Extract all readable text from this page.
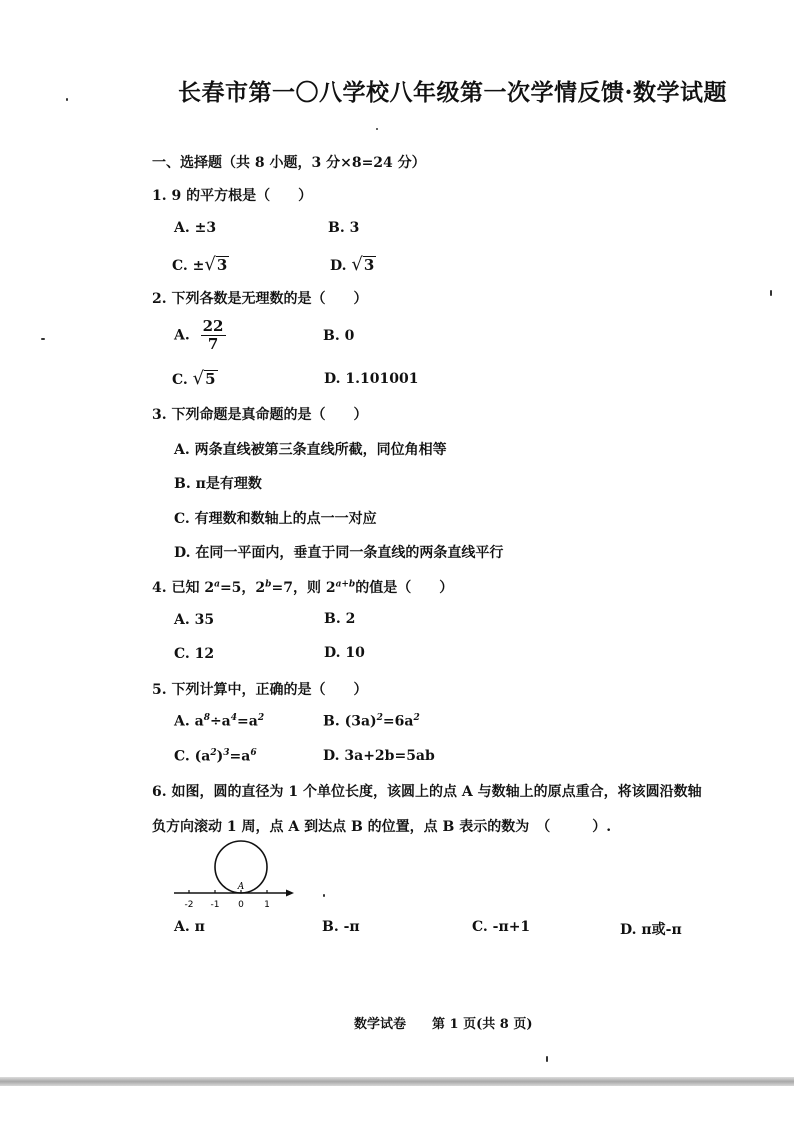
长春市第一〇八学校八年级第一次学情反馈·数学试题
一、选择题（共 8 小题，3 分×8=24 分）
1. 9 的平方根是（　　）
A. ±3	B. 3
C. ±√3	D. √3
2. 下列各数是无理数的是（　　）
A. $\frac{22}{7}$	B. 0
C. √5	D. 1.101001
3. 下列命题是真命题的是（　　）
A. 两条直线被第三条直线所截，同位角相等
B. π是有理数
C. 有理数和数轴上的点一一对应
D. 在同一平面内，垂直于同一条直线的两条直线平行
4. 已知 $2^a=5$，$2^b=7$，则 $2^{a+b}$的值是（　　）
A. 35	B. 2
C. 12	D. 10
5. 下列计算中，正确的是（　　）
A. $a^8\div a^4=a^2$	B. $(3a)^2=6a^2$
C. $(a^2)^3=a^6$	D. 3a+2b=5ab
6. 如图，圆的直径为 1 个单位长度，该圆上的点 A 与数轴上的原点重合，将该圆沿数轴
负方向滚动 1 周，点 A 到达点 B 的位置，点 B 表示的数为　（　　　）.
A
-2 -1 0 1
A. π	B. -π	C. -π+1	D. π或-π
数学试卷　　第 1 页(共 8 页)
